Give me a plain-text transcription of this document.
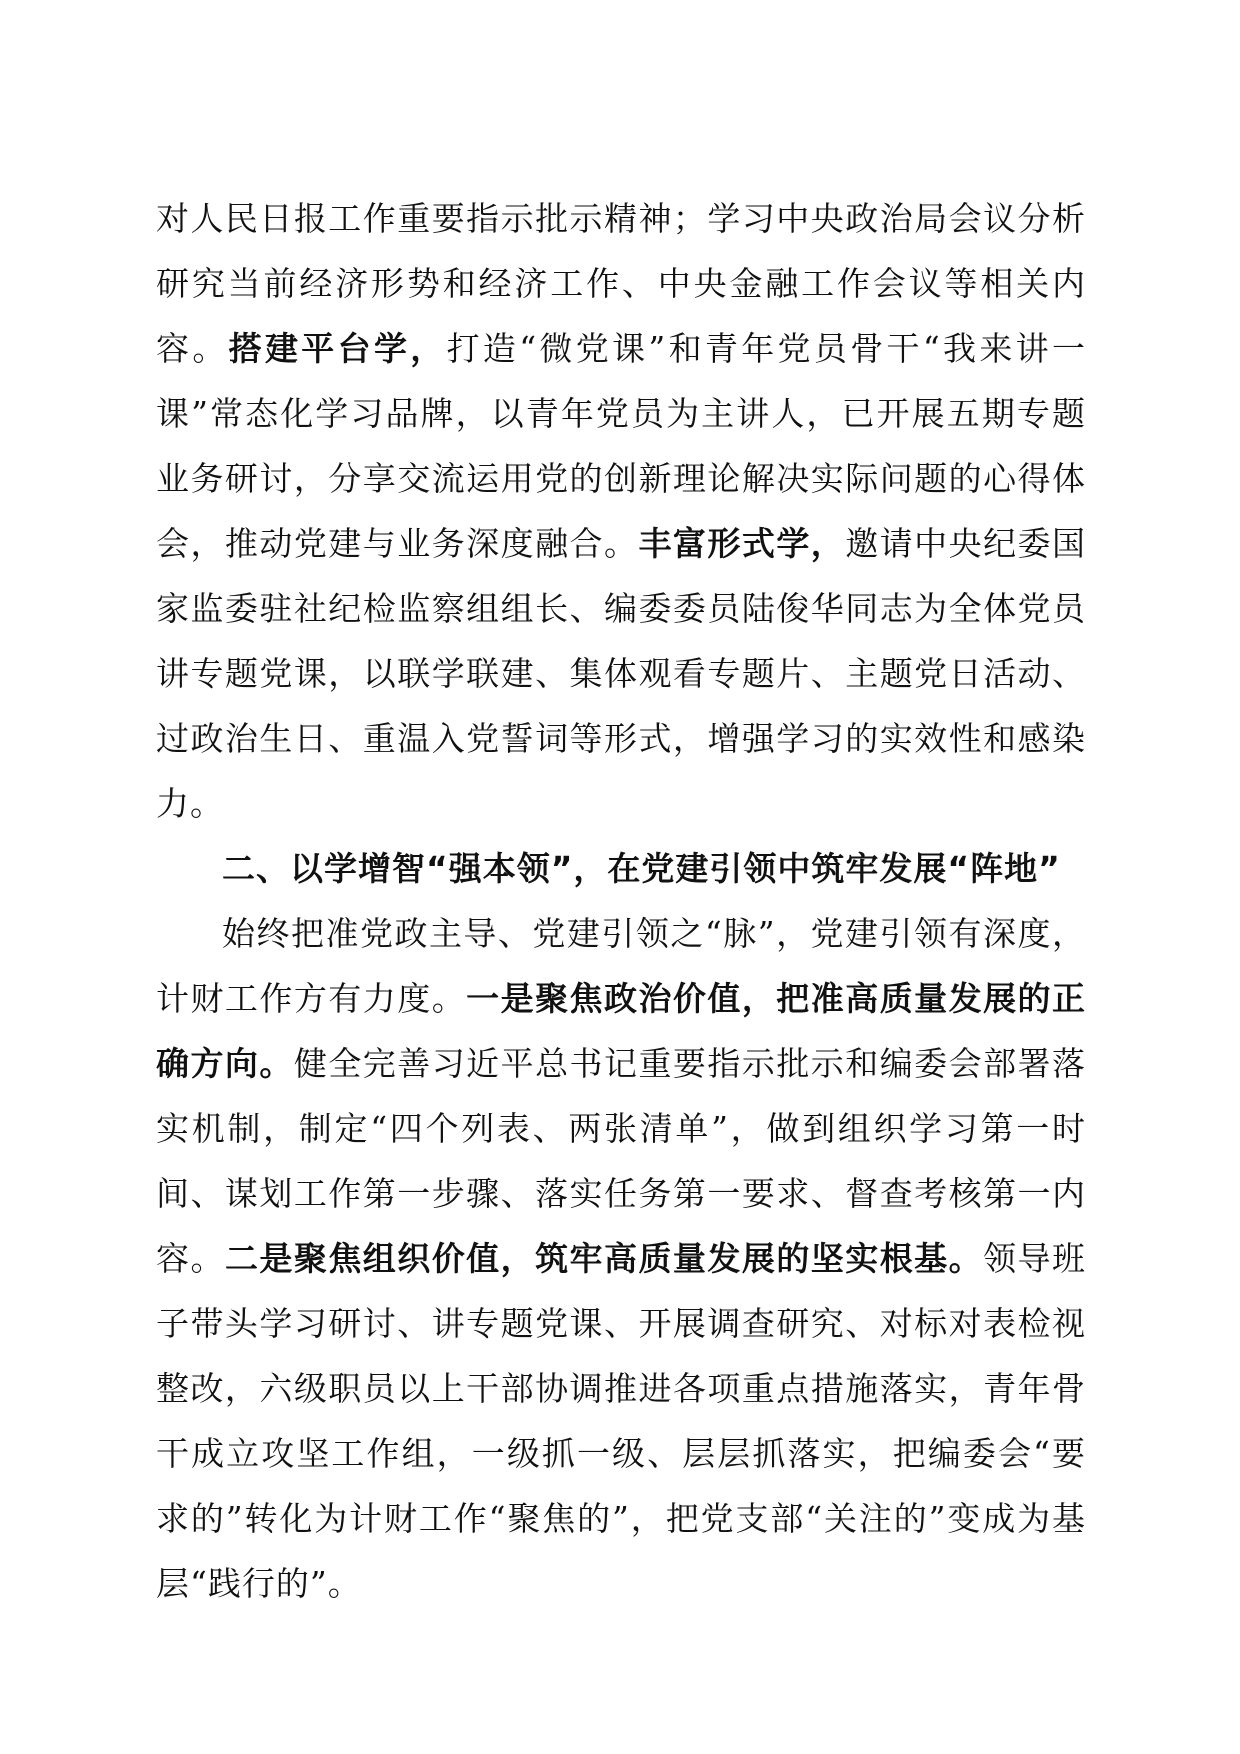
对人民日报工作重要指示批示精神；学习中央政治局会议分析研究当前经济形势和经济工作、中央金融工作会议等相关内容。搭建平台学，打造“微党课”和青年党员骨干“我来讲一课”常态化学习品牌，以青年党员为主讲人，已开展五期专题业务研讨，分享交流运用党的创新理论解决实际问题的心得体会，推动党建与业务深度融合。丰富形式学，邀请中央纪委国家监委驻社纪检监察组组长、编委委员陆俊华同志为全体党员讲专题党课，以联学联建、集体观看专题片、主题党日活动、过政治生日、重温入党誓词等形式，增强学习的实效性和感染力。

二、以学增智“强本领”，在党建引领中筑牢发展“阵地”

始终把准党政主导、党建引领之“脉”，党建引领有深度，计财工作方有力度。一是聚焦政治价值，把准高质量发展的正确方向。健全完善习近平总书记重要指示批示和编委会部署落实机制，制定“四个列表、两张清单”，做到组织学习第一时间、谋划工作第一步骤、落实任务第一要求、督查考核第一内容。二是聚焦组织价值，筑牢高质量发展的坚实根基。领导班子带头学习研讨、讲专题党课、开展调查研究、对标对表检视整改，六级职员以上干部协调推进各项重点措施落实，青年骨干成立攻坚工作组，一级抓一级、层层抓落实，把编委会“要求的”转化为计财工作“聚焦的”，把党支部“关注的”变成为基层“践行的”。
